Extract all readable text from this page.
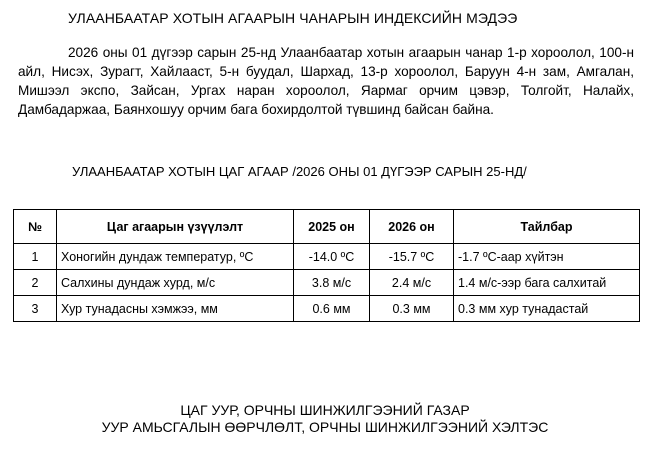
УЛААНБААТАР ХОТЫН АГААРЫН ЧАНАРЫН ИНДЕКСИЙН МЭДЭЭ
2026 оны 01 дүгээр сарын 25-нд Улаанбаатар хотын агаарын чанар 1-р хороолол, 100-н айл, Нисэх, Зурагт, Хайлааст, 5-н буудал, Шархад, 13-р хороолол, Баруун 4-н зам, Амгалан, Мишээл экспо, Зайсан, Ургах наран хороолол, Яармаг орчим цэвэр, Толгойт, Налайх, Дамбадаржаа, Баянхошуу орчим бага бохирдолтой түвшинд байсан байна.
УЛААНБААТАР ХОТЫН ЦАГ АГААР /2026 ОНЫ 01 ДҮГЭЭР САРЫН 25-НД/
№	Цаг агаарын үзүүлэлт	2025 он	2026 он	Тайлбар
1	Хоногийн дундаж температур, ºC	-14.0 ºC	-15.7 ºC	-1.7 ºC-аар хүйтэн
2	Салхины дундаж хурд, м/с	3.8 м/с	2.4 м/с	1.4 м/с-ээр бага салхитай
3	Хур тунадасны хэмжээ, мм	0.6 мм	0.3 мм	0.3 мм хур тунадастай
ЦАГ УУР, ОРЧНЫ ШИНЖИЛГЭЭНИЙ ГАЗАР
УУР АМЬСГАЛЫН ӨӨРЧЛӨЛТ, ОРЧНЫ ШИНЖИЛГЭЭНИЙ ХЭЛТЭС
